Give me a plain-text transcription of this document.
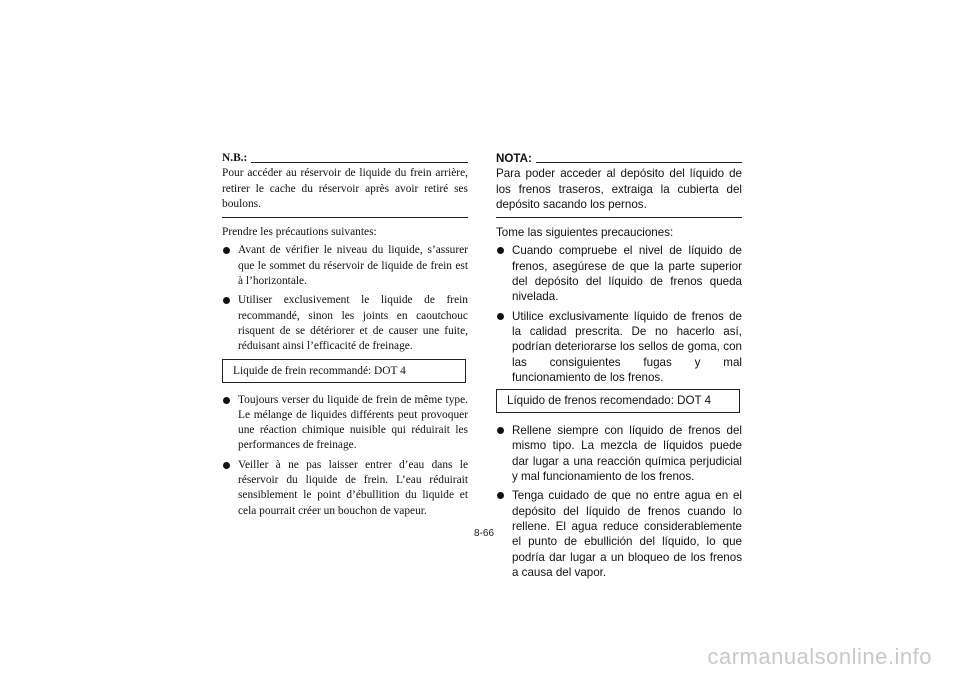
N.B.:
Pour accéder au réservoir de liquide du frein arrière, retirer le cache du réservoir après avoir retiré ses boulons.
Prendre les précautions suivantes:
Avant de vérifier le niveau du liquide, s’assurer que le sommet du réservoir de liquide de frein est à l’horizontale.
Utiliser exclusivement le liquide de frein recommandé, sinon les joints en caoutchouc risquent de se détériorer et de causer une fuite, réduisant ainsi l’efficacité de freinage.
Liquide de frein recommandé: DOT 4
Toujours verser du liquide de frein de même type. Le mélange de liquides différents peut provoquer une réaction chimique nuisible qui réduirait les performances de freinage.
Veiller à ne pas laisser entrer d’eau dans le réservoir du liquide de frein. L’eau réduirait sensiblement le point d’ébullition du liquide et cela pourrait créer un bouchon de vapeur.
NOTA:
Para poder acceder al depósito del líquido de los frenos traseros, extraiga la cubierta del depósito sacando los pernos.
Tome las siguientes precauciones:
Cuando compruebe el nivel de líquido de frenos, asegúrese de que la parte superior del depósito del líquido de frenos queda nivelada.
Utilice exclusivamente líquido de frenos de la calidad prescrita. De no hacerlo así, podrían deteriorarse los sellos de goma, con las consiguientes fugas y mal funcionamiento de los frenos.
Líquido de frenos recomendado: DOT 4
Rellene siempre con líquido de frenos del mismo tipo. La mezcla de líquidos puede dar lugar a una reacción química perjudicial y mal funcionamiento de los frenos.
Tenga cuidado de que no entre agua en el depósito del líquido de frenos cuando lo rellene. El agua reduce considerablemente el punto de ebullición del líquido, lo que podría dar lugar a un bloqueo de los frenos a causa del vapor.
8-66
carmanualsonline.info
